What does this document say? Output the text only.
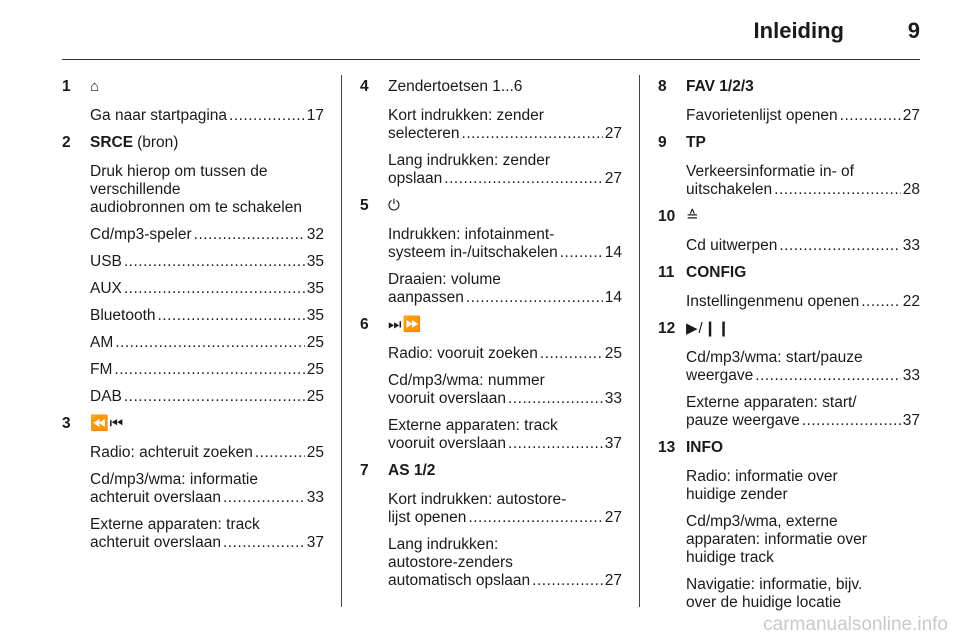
Inleiding	9
1	⌂
Ga naar startpagina .....	17
2	SRCE (bron)
Druk hierop om tussen de
verschillende
audiobronnen om te schakelen
Cd/mp3-speler .....	32
USB .....	35
AUX .....	35
Bluetooth .....	35
AM .....	25
FM .....	25
DAB .....	25
3	⏪⏮
Radio: achteruit zoeken .....	25
Cd/mp3/wma: informatie
achteruit overslaan .....	33
Externe apparaten: track
achteruit overslaan .....	37
4	Zendertoetsen 1...6
Kort indrukken: zender
selecteren .....	27
Lang indrukken: zender
opslaan .....	27
5	⏻
Indrukken: infotainment-
systeem in-/uitschakelen .....	14
Draaien: volume
aanpassen .....	14
6	⏭⏩
Radio: vooruit zoeken .....	25
Cd/mp3/wma: nummer
vooruit overslaan .....	33
Externe apparaten: track
vooruit overslaan .....	37
7	AS 1/2
Kort indrukken: autostore-
lijst openen .....	27
Lang indrukken:
autostore-zenders
automatisch opslaan .....	27
8	FAV 1/2/3
Favorietenlijst openen .....	27
9	TP
Verkeersinformatie in- of
uitschakelen .....	28
10 ≙
Cd uitwerpen .....	33
11 CONFIG
Instellingenmenu openen .....	22
12 ▶/❙❙
Cd/mp3/wma: start/pauze
weergave .....	33
Externe apparaten: start/
pauze weergave .....	37
13 INFO
Radio: informatie over
huidige zender
Cd/mp3/wma, externe
apparaten: informatie over
huidige track
Navigatie: informatie, bijv.
over de huidige locatie
carmanualsonline.info
